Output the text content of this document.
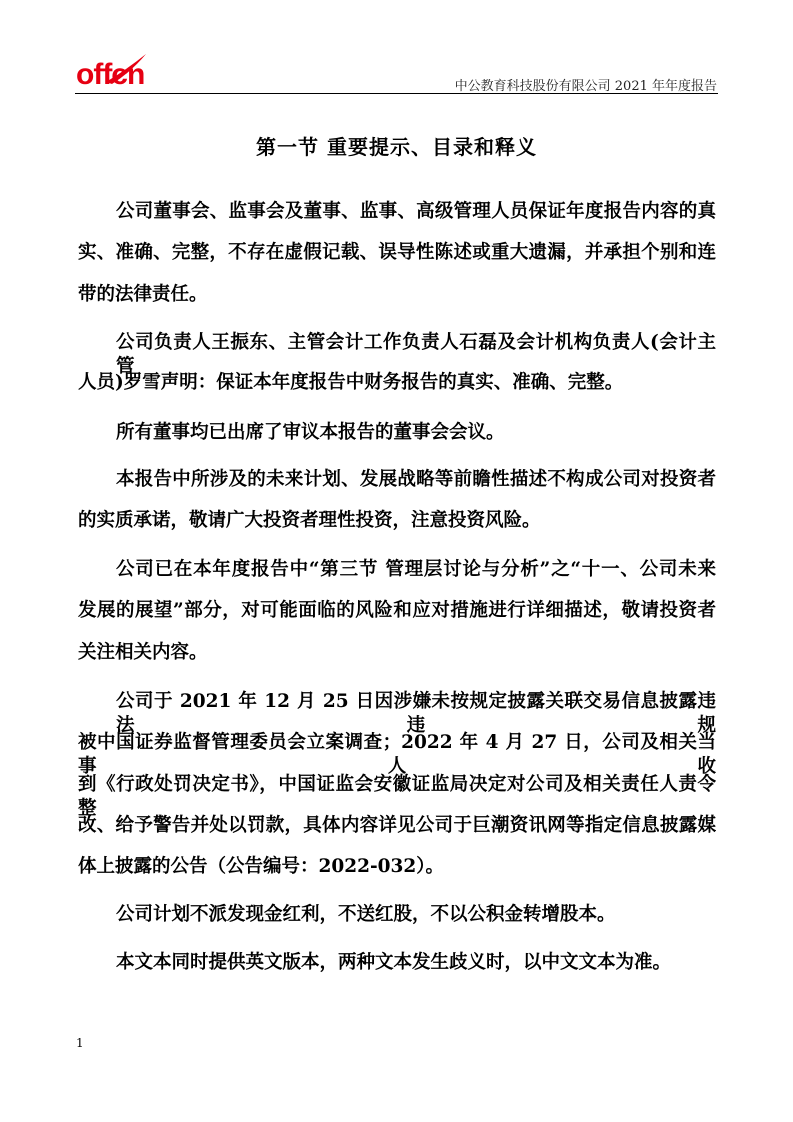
offcn	中公教育科技股份有限公司 2021 年年度报告
第一节 重要提示、目录和释义
公司董事会、监事会及董事、监事、高级管理人员保证年度报告内容的真
实、准确、完整，不存在虚假记载、误导性陈述或重大遗漏，并承担个别和连
带的法律责任。
公司负责人王振东、主管会计工作负责人石磊及会计机构负责人(会计主管
人员)罗雪声明：保证本年度报告中财务报告的真实、准确、完整。
所有董事均已出席了审议本报告的董事会会议。
本报告中所涉及的未来计划、发展战略等前瞻性描述不构成公司对投资者
的实质承诺，敬请广大投资者理性投资，注意投资风险。
公司已在本年度报告中“第三节 管理层讨论与分析”之“十一、公司未来
发展的展望”部分，对可能面临的风险和应对措施进行详细描述，敬请投资者
关注相关内容。
公司于 2021 年 12 月 25 日因涉嫌未按规定披露关联交易信息披露违法违规
被中国证券监督管理委员会立案调查；2022 年 4 月 27 日，公司及相关当事人收
到《行政处罚决定书》，中国证监会安徽证监局决定对公司及相关责任人责令整
改、给予警告并处以罚款，具体内容详见公司于巨潮资讯网等指定信息披露媒
体上披露的公告（公告编号：2022-032）。
公司计划不派发现金红利，不送红股，不以公积金转增股本。
本文本同时提供英文版本，两种文本发生歧义时，以中文文本为准。
1
